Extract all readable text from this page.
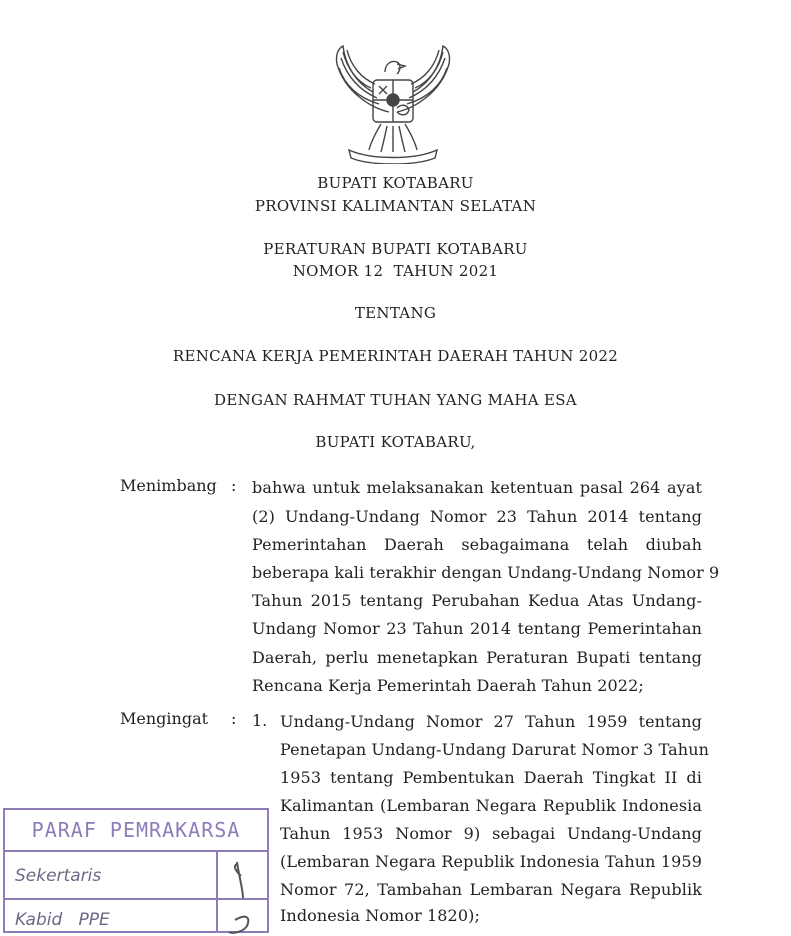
BUPATI KOTABARU
PROVINSI KALIMANTAN SELATAN
PERATURAN BUPATI KOTABARU
NOMOR 12  TAHUN 2021
TENTANG
RENCANA KERJA PEMERINTAH DAERAH TAHUN 2022
DENGAN RAHMAT TUHAN YANG MAHA ESA
BUPATI KOTABARU,
Menimbang : bahwa untuk melaksanakan ketentuan pasal 264 ayat
(2) Undang-Undang Nomor 23 Tahun 2014 tentang
Pemerintahan Daerah sebagaimana telah diubah
beberapa kali terakhir dengan Undang-Undang Nomor 9
Tahun 2015 tentang Perubahan Kedua Atas Undang-
Undang Nomor 23 Tahun 2014 tentang Pemerintahan
Daerah, perlu menetapkan Peraturan Bupati tentang
Rencana Kerja Pemerintah Daerah Tahun 2022;
Mengingat : 1. Undang-Undang Nomor 27 Tahun 1959 tentang
Penetapan Undang-Undang Darurat Nomor 3 Tahun
1953 tentang Pembentukan Daerah Tingkat II di
Kalimantan (Lembaran Negara Republik Indonesia
Tahun 1953 Nomor 9) sebagai Undang-Undang
(Lembaran Negara Republik Indonesia Tahun 1959
Nomor 72, Tambahan Lembaran Negara Republik
Indonesia Nomor 1820);
PARAF PEMRAKARSA
Sekertaris
Kabid   PPE
